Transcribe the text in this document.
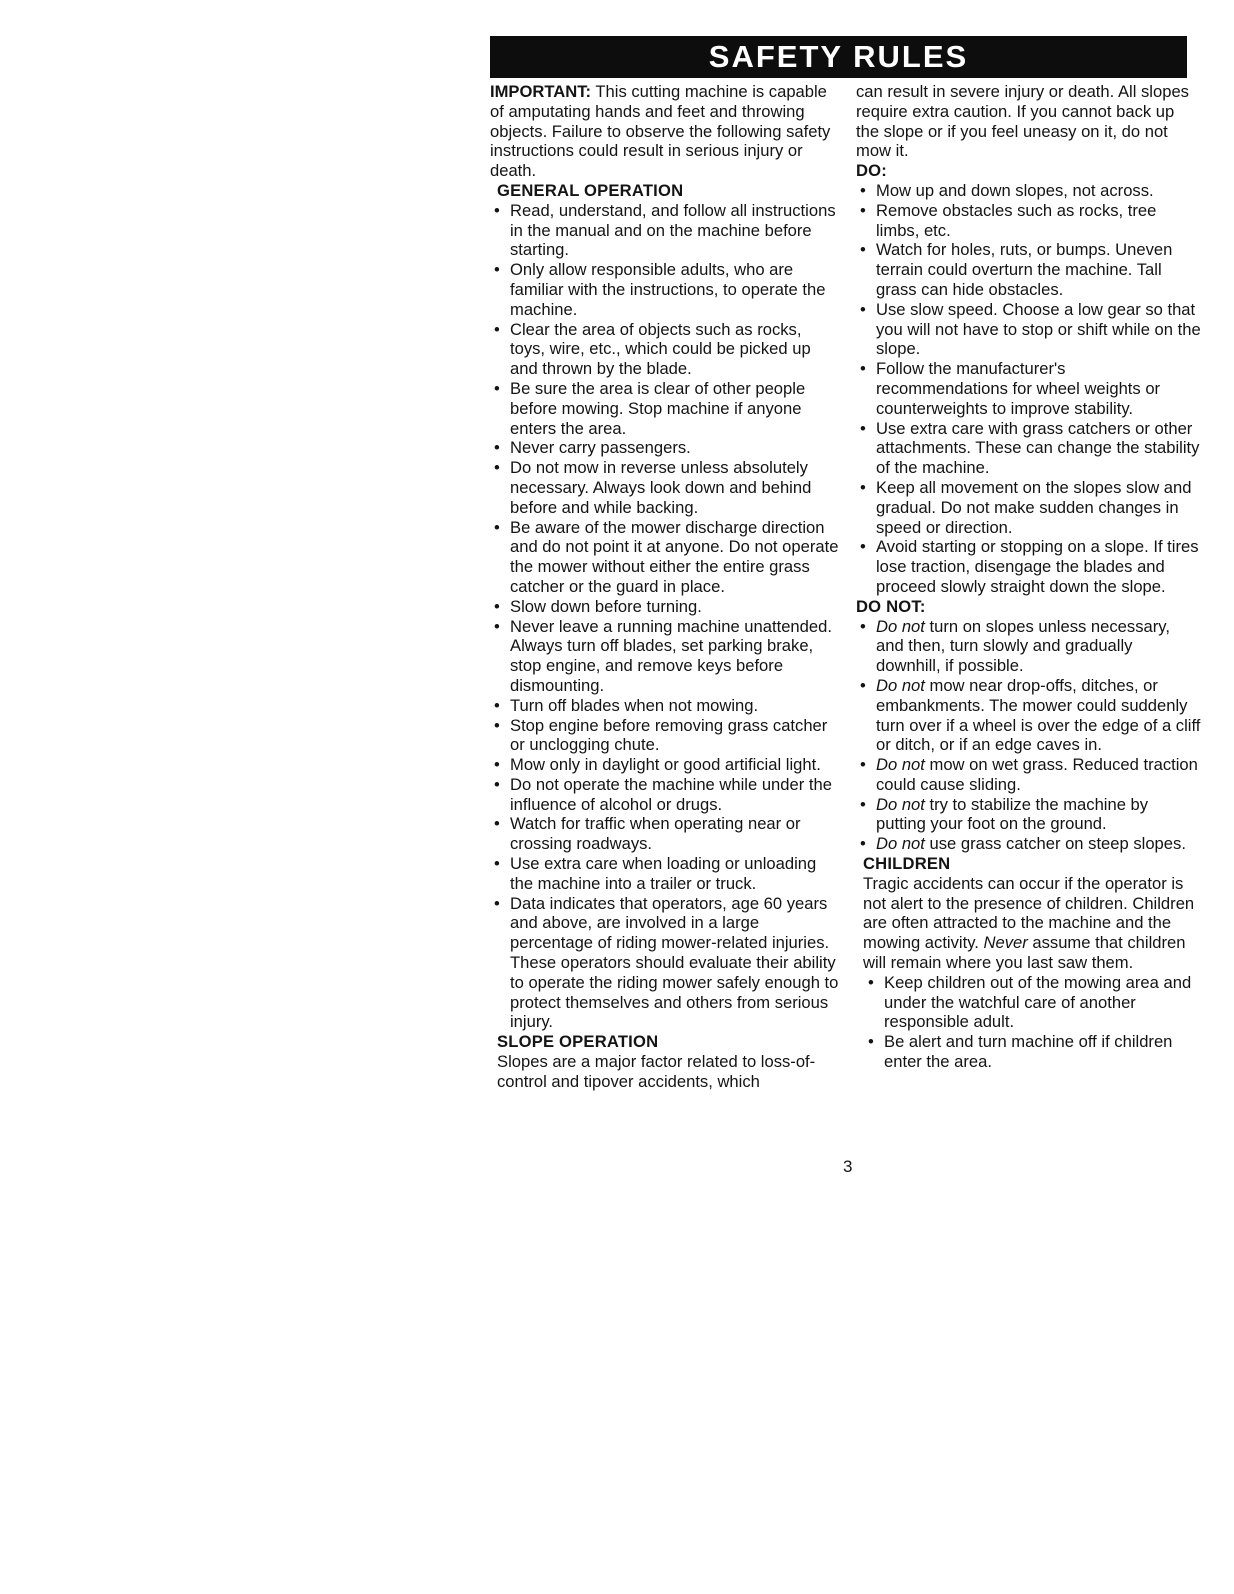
SAFETY RULES

IMPORTANT: This cutting machine is capable of amputating hands and feet and throwing objects. Failure to observe the following safety instructions could result in serious injury or death.

GENERAL OPERATION

• Read, understand, and follow all instructions in the manual and on the machine before starting.
• Only allow responsible adults, who are familiar with the instructions, to operate the machine.
• Clear the area of objects such as rocks, toys, wire, etc., which could be picked up and thrown by the blade.
• Be sure the area is clear of other people before mowing. Stop machine if anyone enters the area.
• Never carry passengers.
• Do not mow in reverse unless absolutely necessary. Always look down and behind before and while backing.
• Be aware of the mower discharge direction and do not point it at anyone. Do not operate the mower without either the entire grass catcher or the guard in place.
• Slow down before turning.
• Never leave a running machine unattended. Always turn off blades, set parking brake, stop engine, and remove keys before dismounting.
• Turn off blades when not mowing.
• Stop engine before removing grass catcher or unclogging chute.
• Mow only in daylight or good artificial light.
• Do not operate the machine while under the influence of alcohol or drugs.
• Watch for traffic when operating near or crossing roadways.
• Use extra care when loading or unloading the machine into a trailer or truck.
• Data indicates that operators, age 60 years and above, are involved in a large percentage of riding mower-related injuries. These operators should evaluate their ability to operate the riding mower safely enough to protect themselves and others from serious injury.

SLOPE OPERATION

Slopes are a major factor related to loss-of-control and tipover accidents, which

3

can result in severe injury or death. All slopes require extra caution. If you cannot back up the slope or if you feel uneasy on it, do not mow it.

DO:

• Mow up and down slopes, not across.
• Remove obstacles such as rocks, tree limbs, etc.
• Watch for holes, ruts, or bumps. Uneven terrain could overturn the machine. Tall grass can hide obstacles.
• Use slow speed. Choose a low gear so that you will not have to stop or shift while on the slope.
• Follow the manufacturer's recommendations for wheel weights or counterweights to improve stability.
• Use extra care with grass catchers or other attachments. These can change the stability of the machine.
• Keep all movement on the slopes slow and gradual. Do not make sudden changes in speed or direction.
• Avoid starting or stopping on a slope. If tires lose traction, disengage the blades and proceed slowly straight down the slope.

DO NOT:

• Do not turn on slopes unless necessary, and then, turn slowly and gradually downhill, if possible.
• Do not mow near drop-offs, ditches, or embankments. The mower could suddenly turn over if a wheel is over the edge of a cliff or ditch, or if an edge caves in.
• Do not mow on wet grass. Reduced traction could cause sliding.
• Do not try to stabilize the machine by putting your foot on the ground.
• Do not use grass catcher on steep slopes.

CHILDREN

Tragic accidents can occur if the operator is not alert to the presence of children. Children are often attracted to the machine and the mowing activity. Never assume that children will remain where you last saw them.

• Keep children out of the mowing area and under the watchful care of another responsible adult.
• Be alert and turn machine off if children enter the area.
